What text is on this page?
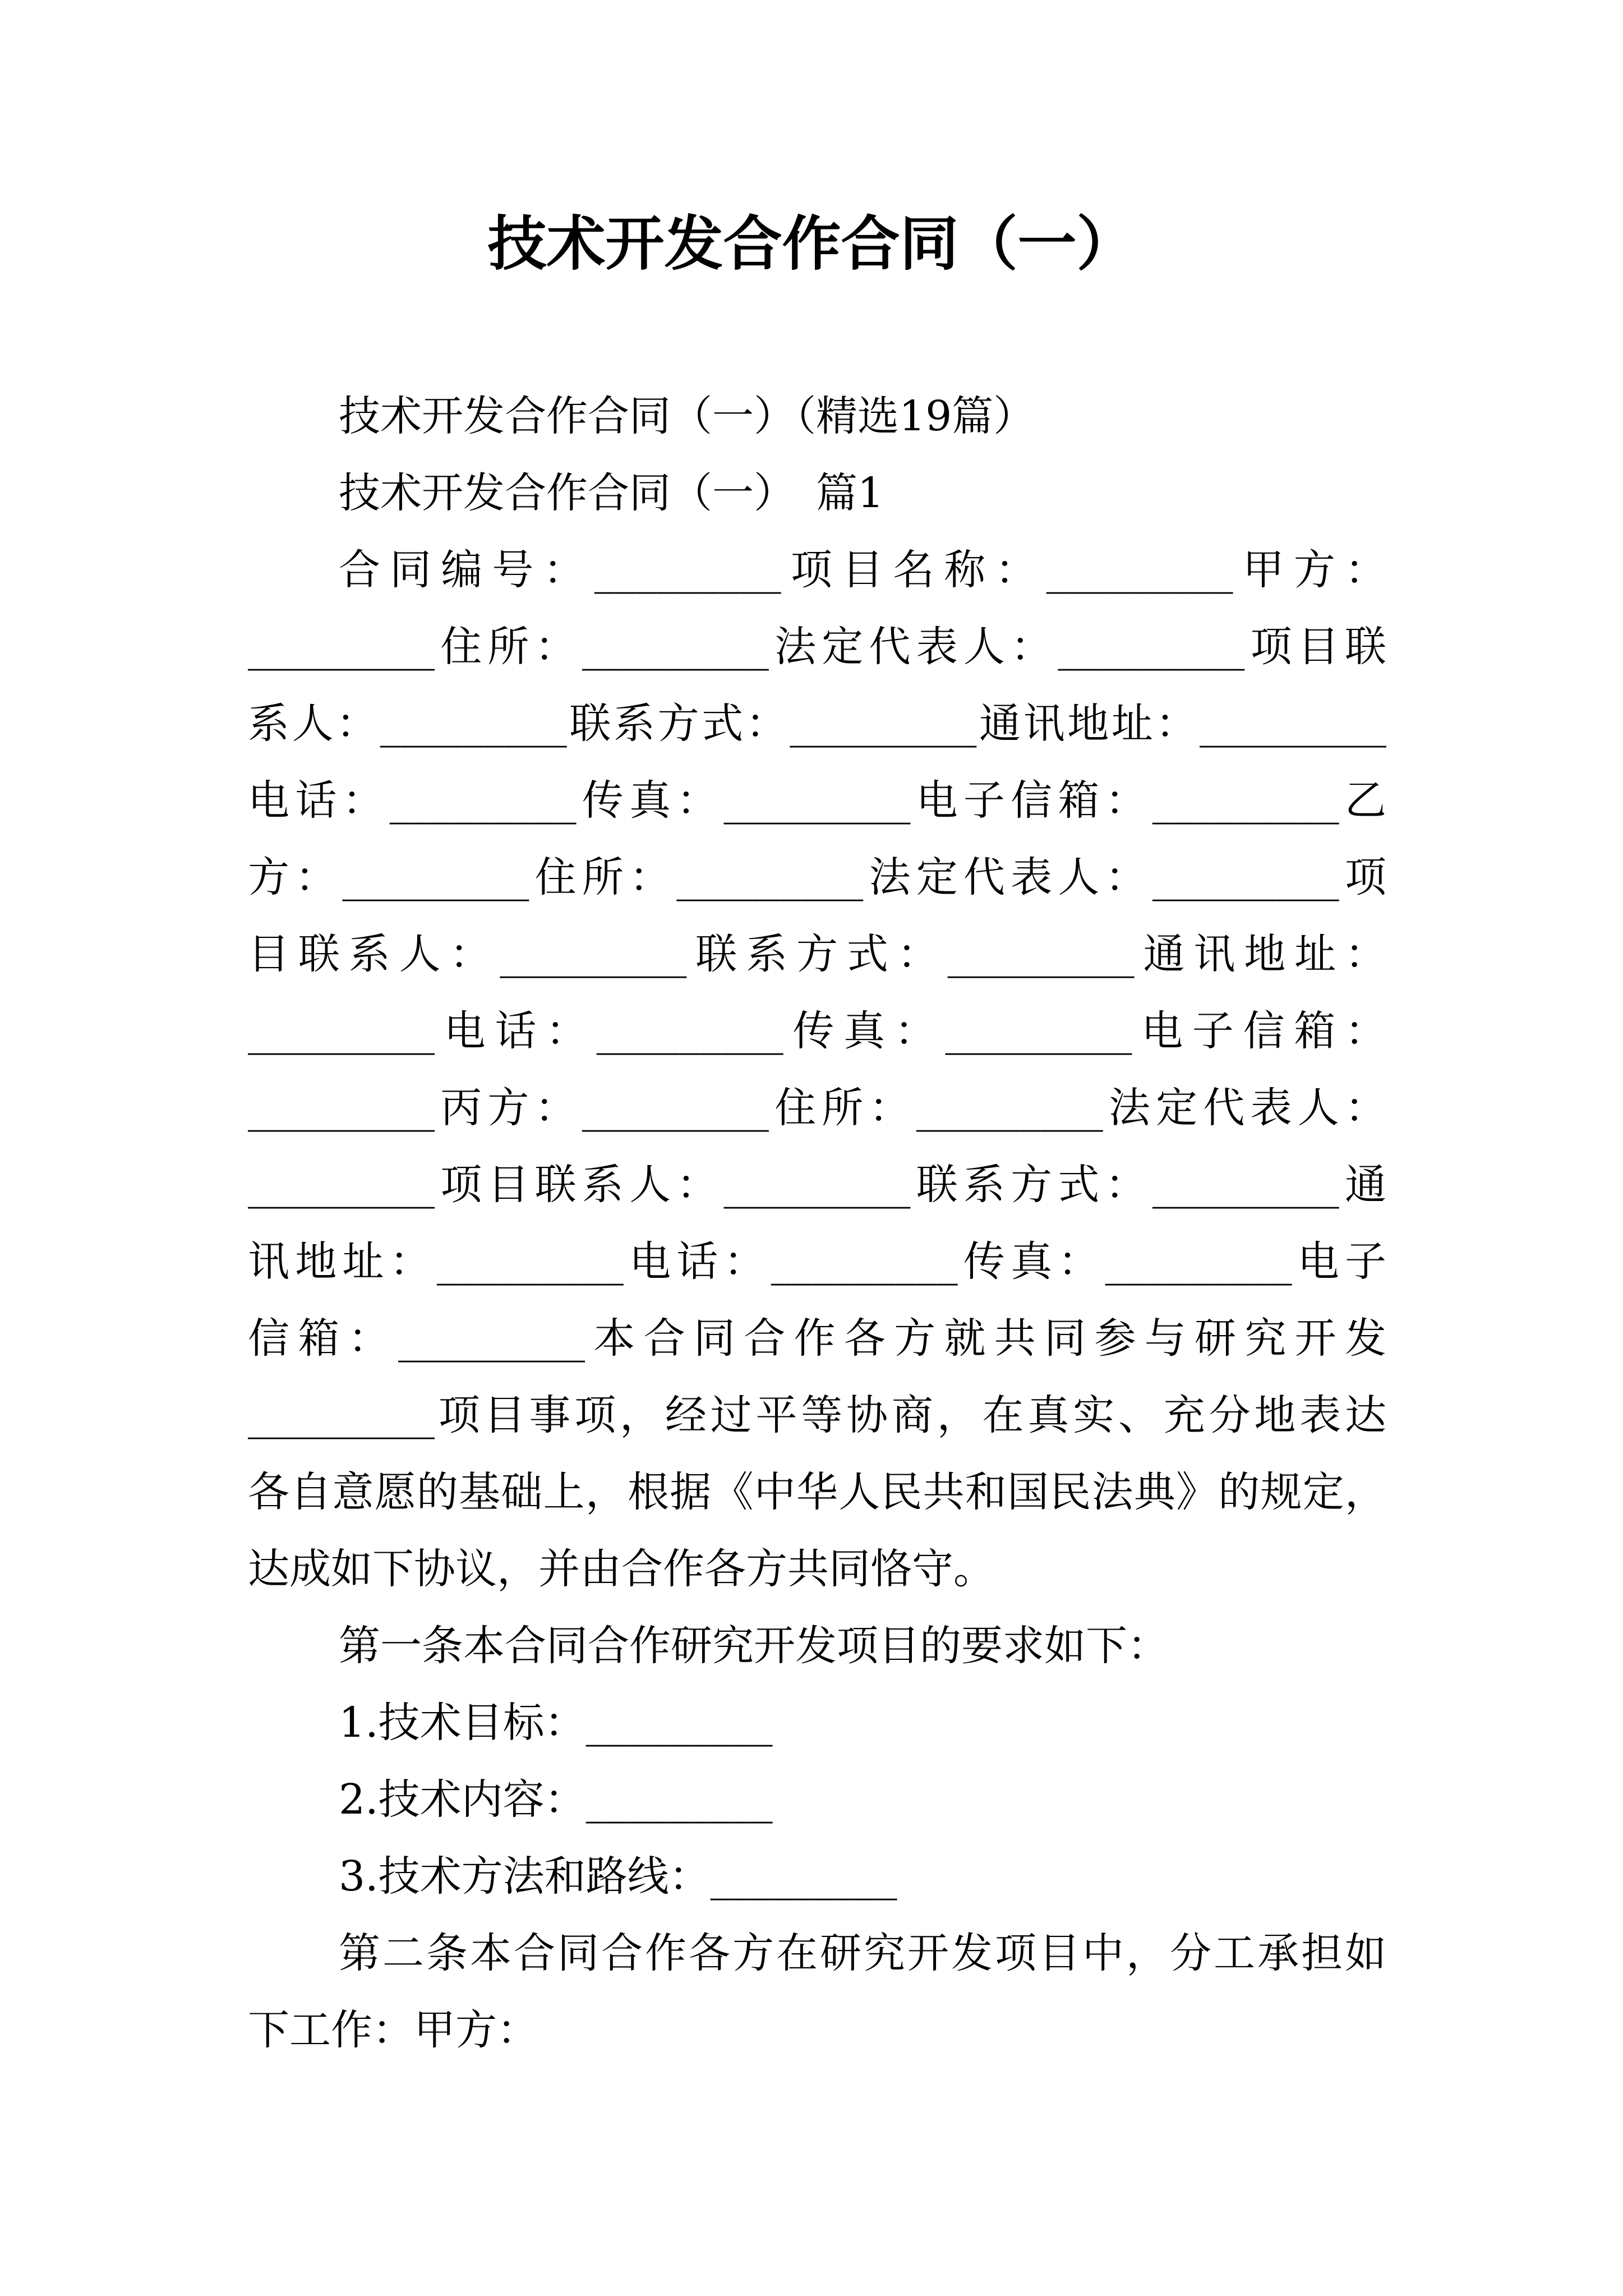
技术开发合作合同（一）
技术开发合作合同（一）（精选19篇）
技术开发合作合同（一）　篇1
合同编号：_________项目名称：_________甲方：
_________住所：_________法定代表人：_________项目联
系人：_________联系方式：_________通讯地址：_________
电话：_________传真：_________电子信箱：_________乙
方：_________住所：_________法定代表人：_________项
目联系人：_________联系方式：_________通讯地址：
_________电话：_________传真：_________电子信箱：
_________丙方：_________住所：_________法定代表人：
_________项目联系人：_________联系方式：_________通
讯地址：_________电话：_________传真：_________电子
信箱：_________本合同合作各方就共同参与研究开发
_________项目事项，经过平等协商，在真实、充分地表达
各自意愿的基础上，根据《中华人民共和国民法典》的规定，
达成如下协议，并由合作各方共同恪守。
第一条本合同合作研究开发项目的要求如下：
1.技术目标：_________
2.技术内容：_________
3.技术方法和路线：_________
第二条本合同合作各方在研究开发项目中，分工承担如
下工作：甲方：
